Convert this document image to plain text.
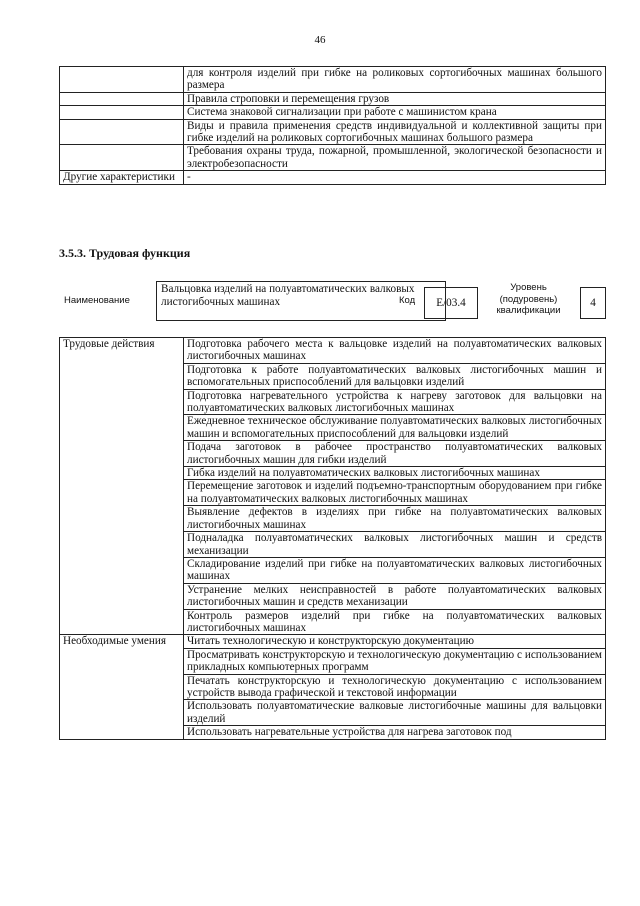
46
	для контроля изделий при гибке на роликовых сортогибочных машинах большого размера
	Правила строповки и перемещения грузов
	Система знаковой сигнализации при работе с машинистом крана
	Виды и правила применения средств индивидуальной и коллективной защиты при гибке изделий на роликовых сортогибочных машинах большого размера
	Требования охраны труда, пожарной, промышленной, экологической безопасности и электробезопасности
Другие характеристики	-
3.5.3. Трудовая функция
Наименование
Вальцовка изделий на полуавтоматических валковых листогибочных машинах	Код	E/03.4
Уровень (подуровень) квалификации
4
Трудовые действия	Подготовка рабочего места к вальцовке изделий на полуавтоматических валковых листогибочных машинах
	Подготовка к работе полуавтоматических валковых листогибочных машин и вспомогательных приспособлений для вальцовки изделий
	Подготовка нагревательного устройства к нагреву заготовок для вальцовки на полуавтоматических валковых листогибочных машинах
	Ежедневное техническое обслуживание полуавтоматических валковых листогибочных машин и вспомогательных приспособлений для вальцовки изделий
	Подача заготовок в рабочее пространство полуавтоматических валковых листогибочных машин для гибки изделий
	Гибка изделий на полуавтоматических валковых листогибочных машинах
	Перемещение заготовок и изделий подъемно-транспортным оборудованием при гибке на полуавтоматических валковых листогибочных машинах
	Выявление дефектов в изделиях при гибке на полуавтоматических валковых листогибочных машинах
	Подналадка полуавтоматических валковых листогибочных машин и средств механизации
	Складирование изделий при гибке на полуавтоматических валковых листогибочных машинах
	Устранение мелких неисправностей в работе полуавтоматических валковых листогибочных машин и средств механизации
	Контроль размеров изделий при гибке на полуавтоматических валковых листогибочных машинах
Необходимые умения	Читать технологическую и конструкторскую документацию
	Просматривать конструкторскую и технологическую документацию с использованием прикладных компьютерных программ
	Печатать конструкторскую и технологическую документацию с использованием устройств вывода графической и текстовой информации
	Использовать полуавтоматические валковые листогибочные машины для вальцовки изделий
	Использовать нагревательные устройства для нагрева заготовок под
